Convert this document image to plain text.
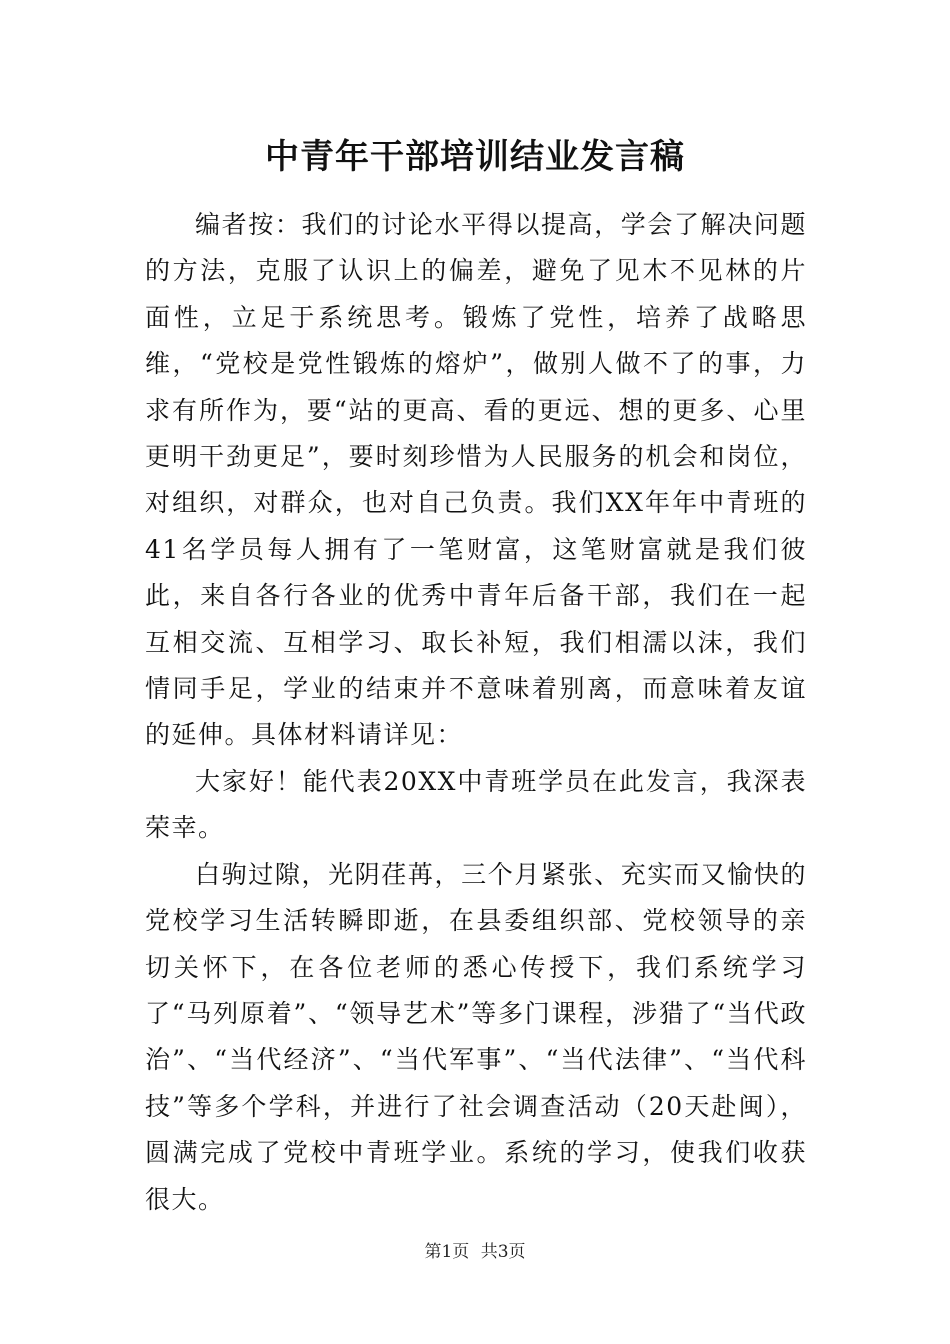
中青年干部培训结业发言稿

编者按：我们的讨论水平得以提高，学会了解决问题的方法，克服了认识上的偏差，避免了见木不见林的片面性，立足于系统思考。锻炼了党性，培养了战略思维，“党校是党性锻炼的熔炉”，做别人做不了的事，力求有所作为，要“站的更高、看的更远、想的更多、心里更明干劲更足”，要时刻珍惜为人民服务的机会和岗位，对组织，对群众，也对自己负责。我们XX年年中青班的41名学员每人拥有了一笔财富，这笔财富就是我们彼此，来自各行各业的优秀中青年后备干部，我们在一起互相交流、互相学习、取长补短，我们相濡以沫，我们情同手足，学业的结束并不意味着别离，而意味着友谊的延伸。具体材料请详见：

大家好！能代表20XX中青班学员在此发言，我深表荣幸。

白驹过隙，光阴荏苒，三个月紧张、充实而又愉快的党校学习生活转瞬即逝，在县委组织部、党校领导的亲切关怀下，在各位老师的悉心传授下，我们系统学习了“马列原着”、“领导艺术”等多门课程，涉猎了“当代政治”、“当代经济”、“当代军事”、“当代法律”、“当代科技”等多个学科，并进行了社会调查活动（20天赴闽），圆满完成了党校中青班学业。系统的学习，使我们收获很大。

第1页 共3页
